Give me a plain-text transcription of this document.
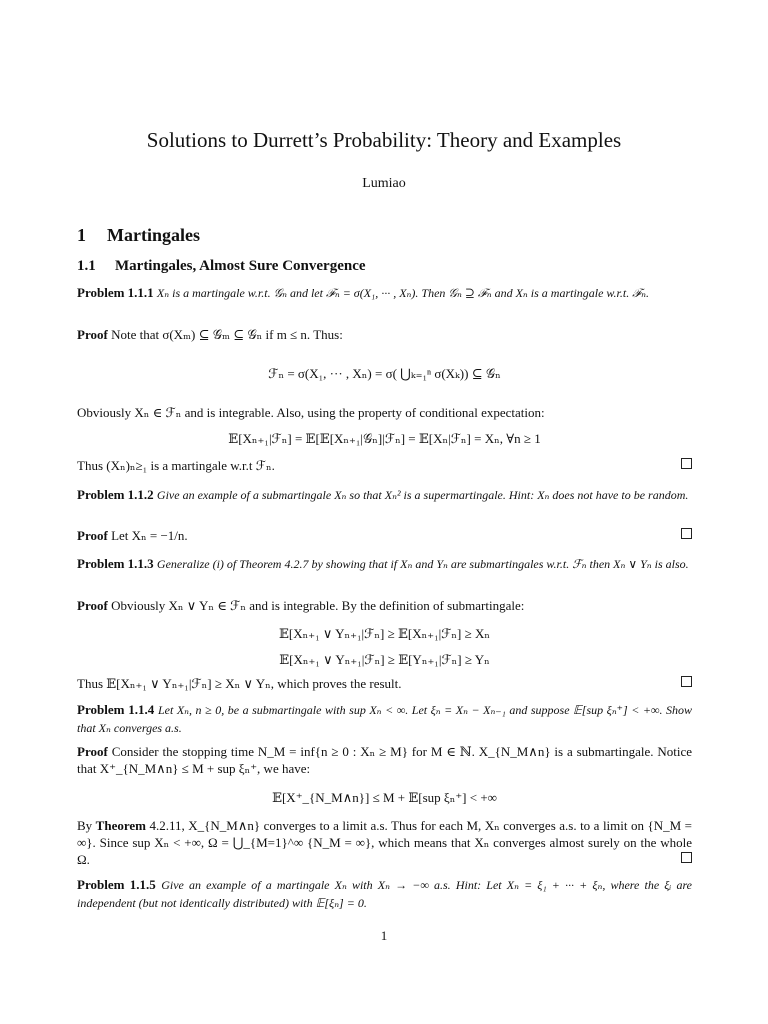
Solutions to Durrett’s Probability: Theory and Examples
Lumiao
1 Martingales
1.1 Martingales, Almost Sure Convergence
Problem 1.1.1 Xₙ is a martingale w.r.t. 𝒢ₙ and let ℱₙ = σ(X₁, ··· , Xₙ). Then 𝒢ₙ ⊇ ℱₙ and Xₙ is a martingale w.r.t. ℱₙ.
Proof Note that σ(Xₘ) ⊆ 𝒢ₘ ⊆ 𝒢ₙ if m ≤ n. Thus:
ℱₙ = σ(X₁, ··· , Xₙ) = σ( ⋃ₖ₌₁ⁿ σ(Xₖ)) ⊆ 𝒢ₙ
Obviously Xₙ ∈ ℱₙ and is integrable. Also, using the property of conditional expectation:
𝔼[Xₙ₊₁|ℱₙ] = 𝔼[𝔼[Xₙ₊₁|𝒢ₙ]|ℱₙ] = 𝔼[Xₙ|ℱₙ] = Xₙ, ∀n ≥ 1
Thus (Xₙ)ₙ≥₁ is a martingale w.r.t ℱₙ.
Problem 1.1.2 Give an example of a submartingale Xₙ so that Xₙ² is a supermartingale. Hint: Xₙ does not have to be random.
Proof Let Xₙ = −1/n.
Problem 1.1.3 Generalize (i) of Theorem 4.2.7 by showing that if Xₙ and Yₙ are submartingales w.r.t. ℱₙ then Xₙ ∨ Yₙ is also.
Proof Obviously Xₙ ∨ Yₙ ∈ ℱₙ and is integrable. By the definition of submartingale:
𝔼[Xₙ₊₁ ∨ Yₙ₊₁|ℱₙ] ≥ 𝔼[Xₙ₊₁|ℱₙ] ≥ Xₙ
𝔼[Xₙ₊₁ ∨ Yₙ₊₁|ℱₙ] ≥ 𝔼[Yₙ₊₁|ℱₙ] ≥ Yₙ
Thus 𝔼[Xₙ₊₁ ∨ Yₙ₊₁|ℱₙ] ≥ Xₙ ∨ Yₙ, which proves the result.
Problem 1.1.4 Let Xₙ, n ≥ 0, be a submartingale with sup Xₙ < ∞. Let ξₙ = Xₙ − Xₙ₋₁ and suppose 𝔼[sup ξₙ⁺] < +∞. Show that Xₙ converges a.s.
Proof Consider the stopping time N_M = inf{n ≥ 0 : Xₙ ≥ M} for M ∈ ℕ. X_{N_M∧n} is a submartingale. Notice that X⁺_{N_M∧n} ≤ M + sup ξₙ⁺, we have:
𝔼[X⁺_{N_M∧n}] ≤ M + 𝔼[sup ξₙ⁺] < +∞
By Theorem 4.2.11, X_{N_M∧n} converges to a limit a.s. Thus for each M, Xₙ converges a.s. to a limit on {N_M = ∞}. Since sup Xₙ < +∞, Ω = ⋃_{M=1}^∞ {N_M = ∞}, which means that Xₙ converges almost surely on the whole Ω.
Problem 1.1.5 Give an example of a martingale Xₙ with Xₙ → −∞ a.s. Hint: Let Xₙ = ξ₁ + ··· + ξₙ, where the ξᵢ are independent (but not identically distributed) with 𝔼[ξₙ] = 0.
1
